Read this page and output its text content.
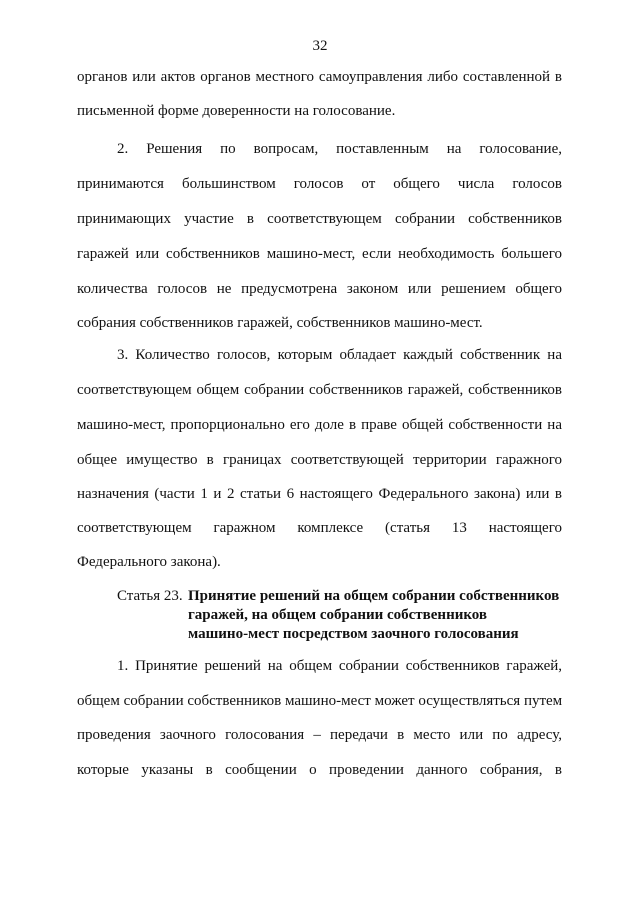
32
органов или актов органов местного самоуправления либо составленной в
письменной форме доверенности на голосование.
2. Решения по вопросам, поставленным на голосование,
принимаются большинством голосов от общего числа голосов
принимающих участие в соответствующем собрании собственников
гаражей или собственников машино-мест, если необходимость большего
количества голосов не предусмотрена законом или решением общего
собрания собственников гаражей, собственников машино-мест.
3. Количество голосов, которым обладает каждый собственник на
соответствующем общем собрании собственников гаражей, собственников
машино-мест, пропорционально его доле в праве общей собственности на
общее имущество в границах соответствующей территории гаражного
назначения (части 1 и 2 статьи 6 настоящего Федерального закона) или в
соответствующем гаражном комплексе (статья 13 настоящего
Федерального закона).
Статья 23. Принятие решений на общем собрании собственников
гаражей, на общем собрании собственников
машино-мест посредством заочного голосования
1. Принятие решений на общем собрании собственников гаражей,
общем собрании собственников машино-мест может осуществляться путем
проведения заочного голосования – передачи в место или по адресу,
которые указаны в сообщении о проведении данного собрания, в
